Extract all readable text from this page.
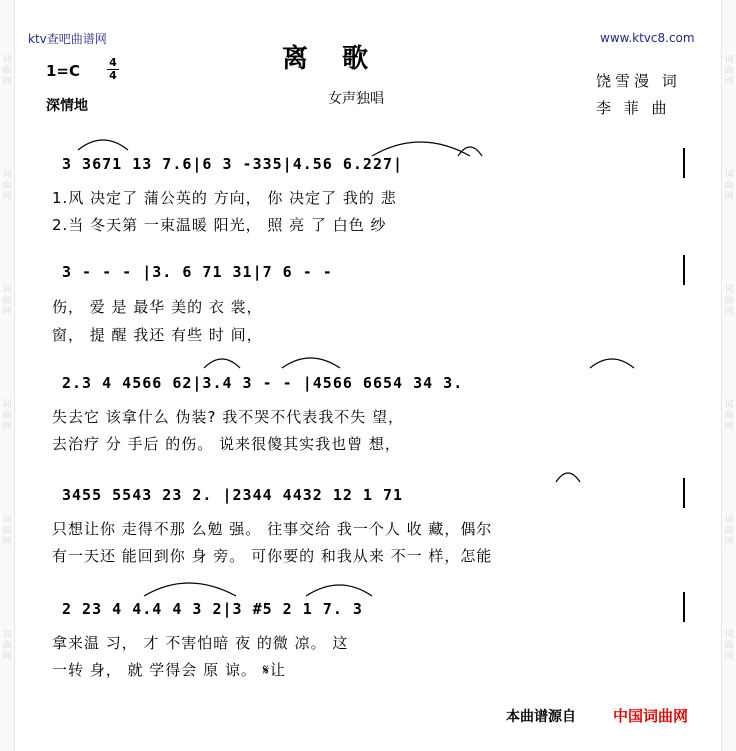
词曲网
词曲网
词曲网
词曲网
词曲网
词曲网
词曲网
词曲网
词曲网
词曲网
词曲网
词曲网
ktv查吧曲谱网	www.ktvc8.com
离歌
1=C	4
4
深情地	女声独唱
饶雪漫 词
李 菲 曲
3 3671 13 7.6|6 3 -335|4.56 6.227|
1.风 决定了 蒲公英的 方向， 你 决定了 我的 悲
2.当 冬天第 一束温暖 阳光， 照 亮 了 白色 纱
3 - - - |3. 6 71 31|7 6 - -
伤， 爱 是 最华 美的 衣 裳，
窗， 提 醒 我还 有些 时 间，
2.3 4 4566 62|3.4 3 - - |4566 6654 34 3.
失去它 该拿什么 伪装? 我不哭不代表我不失 望，
去治疗 分 手后 的伤。 说来很傻其实我也曾 想，
3455 5543 23 2. |2344 4432 12 1 71
只想让你 走得不那 么勉 强。 往事交给 我一个人 收 藏，偶尔
有一天还 能回到你 身 旁。 可你要的 和我从来 不一 样，怎能
2 23 4 4.4 4 3 2|3 #5 2 1 7. 3
拿来温 习， 才 不害怕暗 夜 的微 凉。 这
一转 身， 就 学得会 原 谅。 𝄋让
本曲谱源自 中国词曲网
